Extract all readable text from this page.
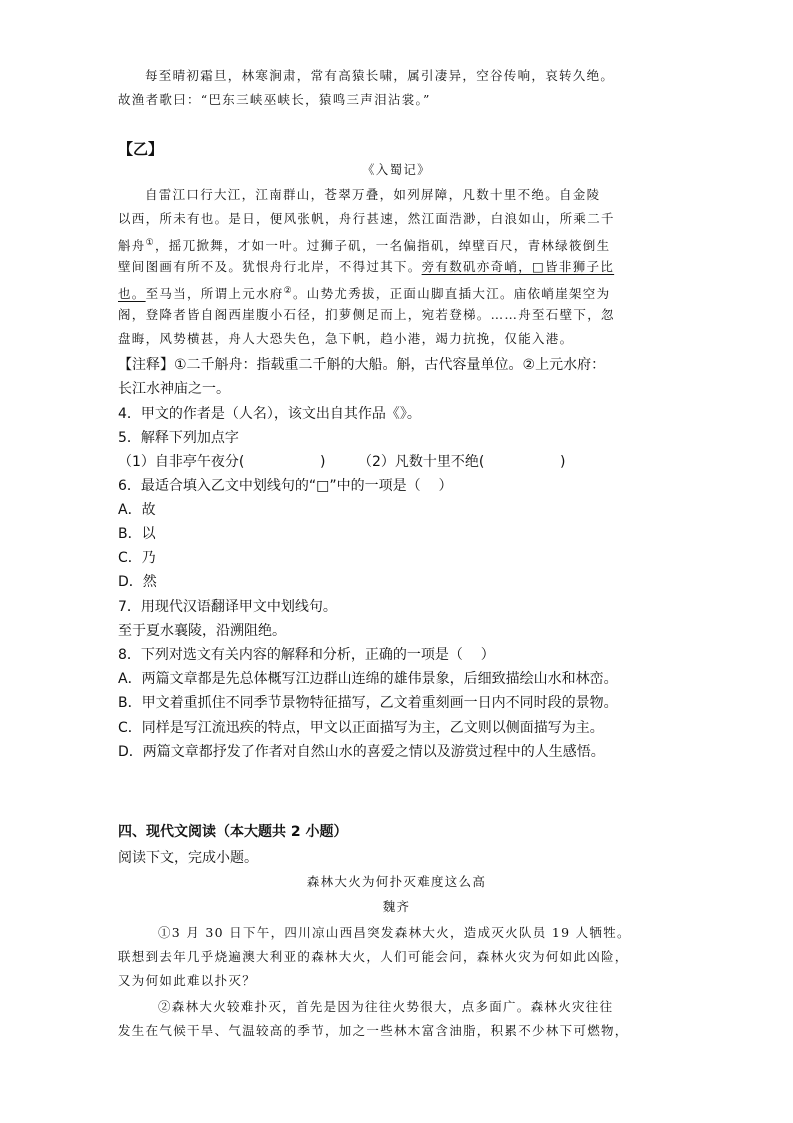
每至晴初霜旦，林寒涧肃，常有高猿长啸，属引凄异，空谷传响，哀转久绝。
故渔者歌曰：“巴东三峡巫峡长，猿鸣三声泪沾裳。”
【乙】
《入蜀记》
自雷江口行大江，江南群山，苍翠万叠，如列屏障，凡数十里不绝。自金陵
以西，所未有也。是日，便风张帆，舟行甚速，然江面浩渺，白浪如山，所乘二千
斛舟①，摇兀掀舞，才如一叶。过狮子矶，一名偏指矶，绰壁百尺，青林绿筱倒生
壁间图画有所不及。犹恨舟行北岸，不得过其下。旁有数矶亦奇峭，□皆非狮子比
也。至马当，所谓上元水府②。山势尤秀拔，正面山脚直插大江。庙依峭崖架空为
阁，登降者皆自阁西崖腹小石径，扪萝侧足而上，宛若登梯。……舟至石壁下，忽
盘晦，风势横甚，舟人大恐失色，急下帆，趋小港，竭力抗挽，仅能入港。
【注释】①二千斛舟：指载重二千斛的大船。斛，古代容量单位。②上元水府：
长江水神庙之一。
4．甲文的作者是（人名），该文出自其作品《》。
5．解释下列加点字
（1）自非亭午夜分(                 ) （2）凡数十里不绝(                 )
6．最适合填入乙文中划线句的“□”中的一项是（    ）
A．故
B．以
C．乃
D．然
7．用现代汉语翻译甲文中划线句。
至于夏水襄陵，沿溯阻绝。
8．下列对选文有关内容的解释和分析，正确的一项是（    ）
A．两篇文章都是先总体概写江边群山连绵的雄伟景象，后细致描绘山水和林峦。
B．甲文着重抓住不同季节景物特征描写，乙文着重刻画一日内不同时段的景物。
C．同样是写江流迅疾的特点，甲文以正面描写为主，乙文则以侧面描写为主。
D．两篇文章都抒发了作者对自然山水的喜爱之情以及游赏过程中的人生感悟。
四、现代文阅读（本大题共 2 小题）
阅读下文，完成小题。
森林大火为何扑灭难度这么高
魏齐
①3 月 30 日下午，四川凉山西昌突发森林大火，造成灭火队员 19 人牺牲。
联想到去年几乎烧遍澳大利亚的森林大火，人们可能会问，森林火灾为何如此凶险，
又为何如此难以扑灭？
②森林大火较难扑灭，首先是因为往往火势很大，点多面广。森林火灾往往
发生在气候干旱、气温较高的季节，加之一些林木富含油脂，积累不少林下可燃物，
